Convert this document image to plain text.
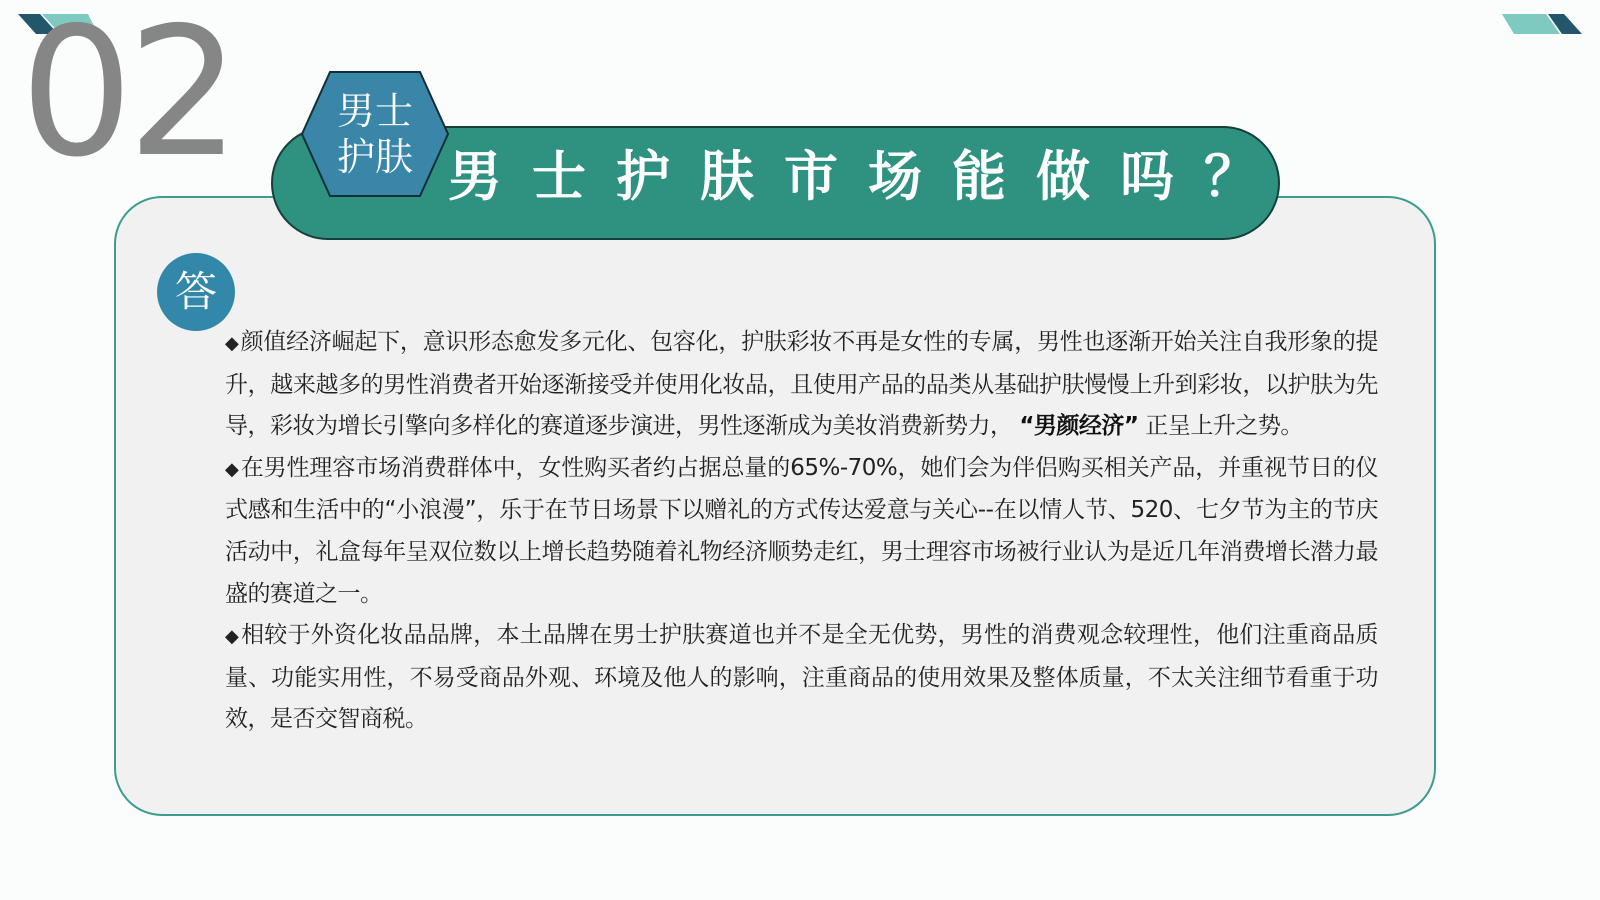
02	男士护肤市场能做吗？
男士
护肤
答

◆颜值经济崛起下，意识形态愈发多元化、包容化，护肤彩妆不再是女性的专属，男性也逐渐开始关注自我形象的提升，越来越多的男性消费者开始逐渐接受并使用化妆品，且使用产品的品类从基础护肤慢慢上升到彩妆，以护肤为先导，彩妆为增长引擎向多样化的赛道逐步演进，男性逐渐成为美妆消费新势力， “男颜经济” 正呈上升之势。

◆在男性理容市场消费群体中，女性购买者约占据总量的65%-70%，她们会为伴侣购买相关产品，并重视节日的仪式感和生活中的“小浪漫”，乐于在节日场景下以赠礼的方式传达爱意与关心--在以情人节、520、七夕节为主的节庆活动中，礼盒每年呈双位数以上增长趋势随着礼物经济顺势走红，男士理容市场被行业认为是近几年消费增长潜力最盛的赛道之一。

◆相较于外资化妆品品牌，本土品牌在男士护肤赛道也并不是全无优势，男性的消费观念较理性，他们注重商品质量、功能实用性，不易受商品外观、环境及他人的影响，注重商品的使用效果及整体质量，不太关注细节看重于功效，是否交智商税。
